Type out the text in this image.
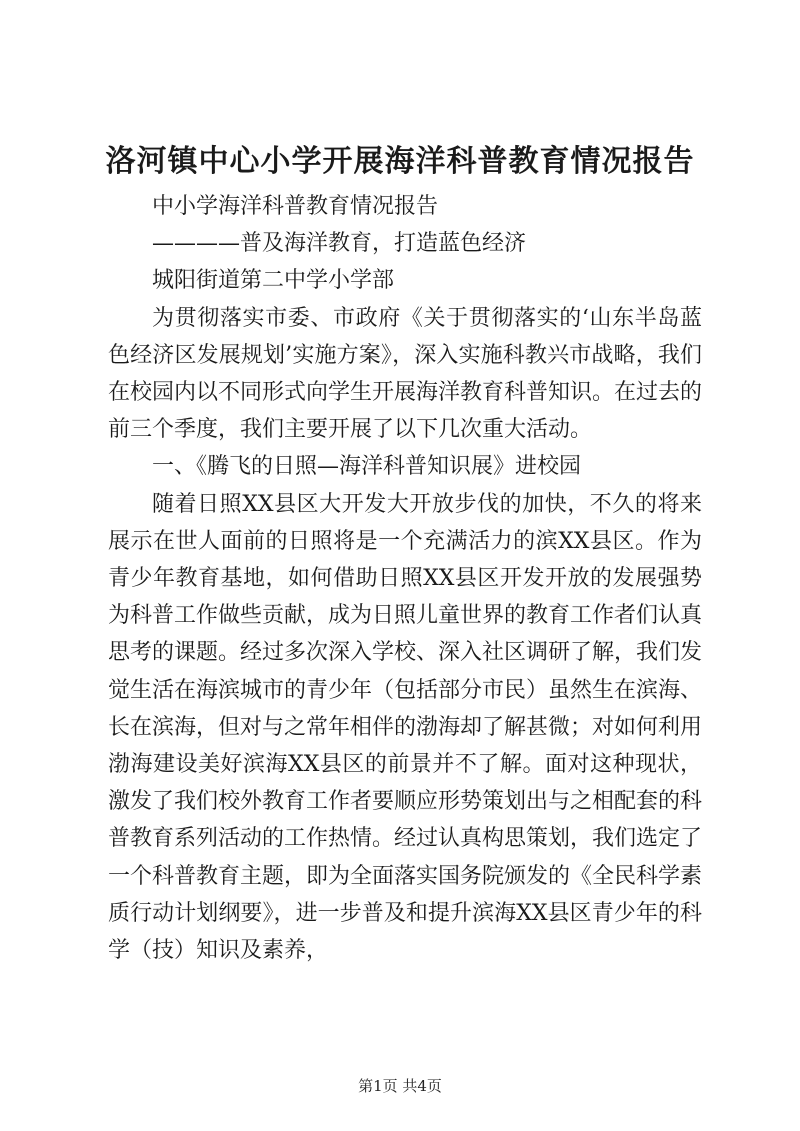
洛河镇中心小学开展海洋科普教育情况报告

中小学海洋科普教育情况报告

————普及海洋教育，打造蓝色经济

城阳街道第二中学小学部

为贯彻落实市委、市政府《关于贯彻落实的‘山东半岛蓝色经济区发展规划’实施方案》，深入实施科教兴市战略，我们在校园内以不同形式向学生开展海洋教育科普知识。在过去的前三个季度，我们主要开展了以下几次重大活动。

一、《腾飞的日照—海洋科普知识展》进校园

随着日照XX县区大开发大开放步伐的加快，不久的将来展示在世人面前的日照将是一个充满活力的滨XX县区。作为青少年教育基地，如何借助日照XX县区开发开放的发展强势为科普工作做些贡献，成为日照儿童世界的教育工作者们认真思考的课题。经过多次深入学校、深入社区调研了解，我们发觉生活在海滨城市的青少年（包括部分市民）虽然生在滨海、长在滨海，但对与之常年相伴的渤海却了解甚微；对如何利用渤海建设美好滨海XX县区的前景并不了解。面对这种现状，激发了我们校外教育工作者要顺应形势策划出与之相配套的科普教育系列活动的工作热情。经过认真构思策划，我们选定了一个科普教育主题，即为全面落实国务院颁发的《全民科学素质行动计划纲要》，进一步普及和提升滨海XX县区青少年的科学（技）知识及素养，

第1页 共4页
